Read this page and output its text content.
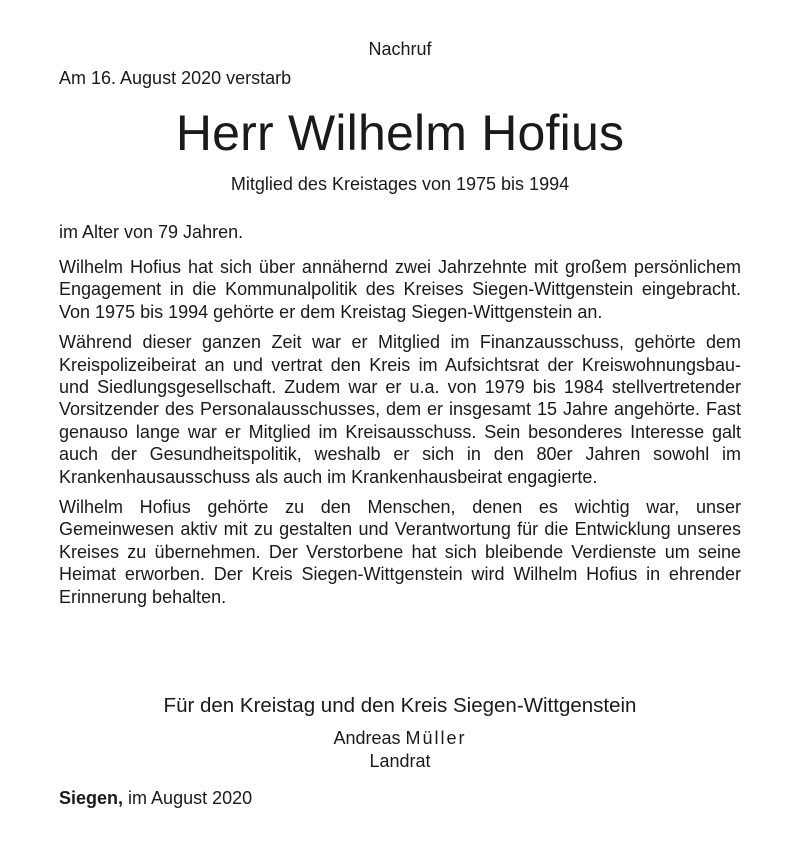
Nachruf
Am 16. August 2020 verstarb
Herr Wilhelm Hofius
Mitglied des Kreistages von 1975 bis 1994
im Alter von 79 Jahren.

Wilhelm Hofius hat sich über annähernd zwei Jahrzehnte mit großem persönlichem Engagement in die Kommunalpolitik des Kreises Siegen-Wittgenstein eingebracht. Von 1975 bis 1994 gehörte er dem Kreistag Siegen-Wittgenstein an.

Während dieser ganzen Zeit war er Mitglied im Finanzausschuss, gehörte dem Kreispolizeibeirat an und vertrat den Kreis im Aufsichtsrat der Kreiswohnungsbau- und Siedlungsgesellschaft. Zudem war er u.a. von 1979 bis 1984 stellvertretender Vorsitzender des Personalausschusses, dem er insgesamt 15 Jahre angehörte. Fast genauso lange war er Mitglied im Kreisausschuss. Sein besonderes Interesse galt auch der Gesundheitspolitik, weshalb er sich in den 80er Jahren sowohl im Krankenhausausschuss als auch im Krankenhausbeirat engagierte.

Wilhelm Hofius gehörte zu den Menschen, denen es wichtig war, unser Gemeinwesen aktiv mit zu gestalten und Verantwortung für die Entwicklung unseres Kreises zu übernehmen. Der Verstorbene hat sich bleibende Verdienste um seine Heimat erworben. Der Kreis Siegen-Wittgenstein wird Wilhelm Hofius in ehrender Erinnerung behalten.

Für den Kreistag und den Kreis Siegen-Wittgenstein
Andreas Müller
Landrat
Siegen, im August 2020
